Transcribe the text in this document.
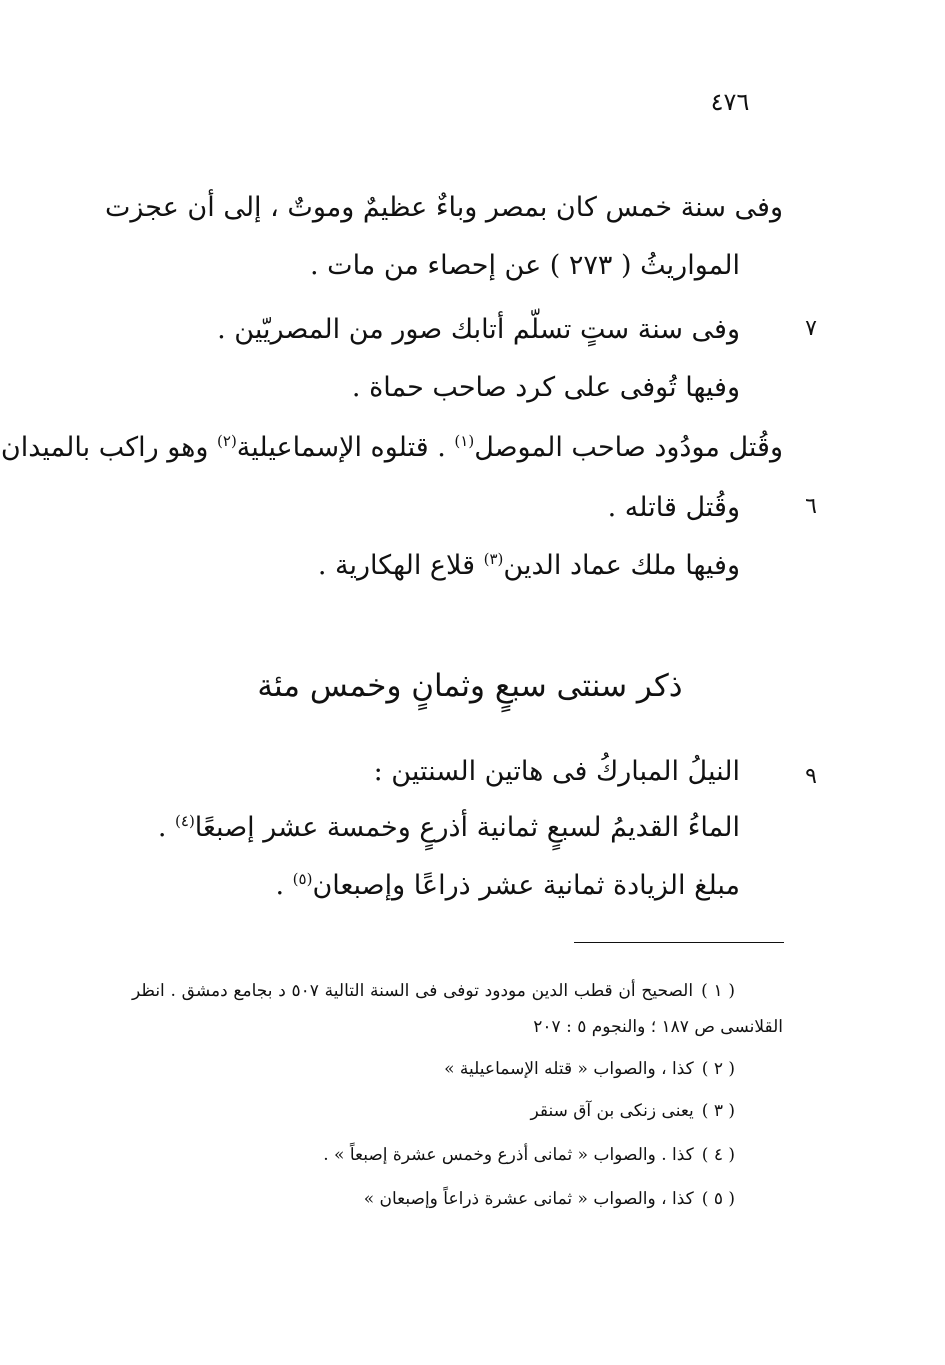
٤٧٦
وفى سنة خمس كان بمصر وباءٌ عظيمٌ وموتٌ ، إلى أن عجزت
المواريثُ ( ٢٧٣ ) عن إحصاء من مات .
٧
وفى سنة ستٍ تسلّم أتابك صور من المصريّين .
وفيها تُوفى على كرد صاحب حماة .
وقُتل مودُود صاحب الموصل$^{(١)}$ . قتلوه الإسماعيلية$^{(٢)}$ وهو راكب بالميدان
٦
وقُتل قاتله .
وفيها ملك عماد الدين$^{(٣)}$ قلاع الهكارية .
ذكر سنتى سبعٍ وثمانٍ وخمس مئة
٩
النيلُ المباركُ فى هاتين السنتين :
الماءُ القديمُ لسبعٍ ثمانية أذرعٍ وخمسة عشر إصبعًا$^{(٤)}$ .
مبلغ الزيادة ثمانية عشر ذراعًا وإصبعان$^{(٥)}$ .
( ١ )الصحيح أن قطب الدين مودود توفى فى السنة التالية ٥٠٧ د بجامع دمشق . انظر
القلانسى ص ١٨٧ ؛ والنجوم ٥ : ٢٠٧
( ٢ )كذا ، والصواب « قتله الإسماعيلية »
( ٣ )يعنى زنكى بن آق سنقر
( ٤ )كذا . والصواب « ثمانى أذرع وخمس عشرة إصبعاً » .
( ٥ )كذا ، والصواب « ثمانى عشرة ذراعاً وإصبعان »
